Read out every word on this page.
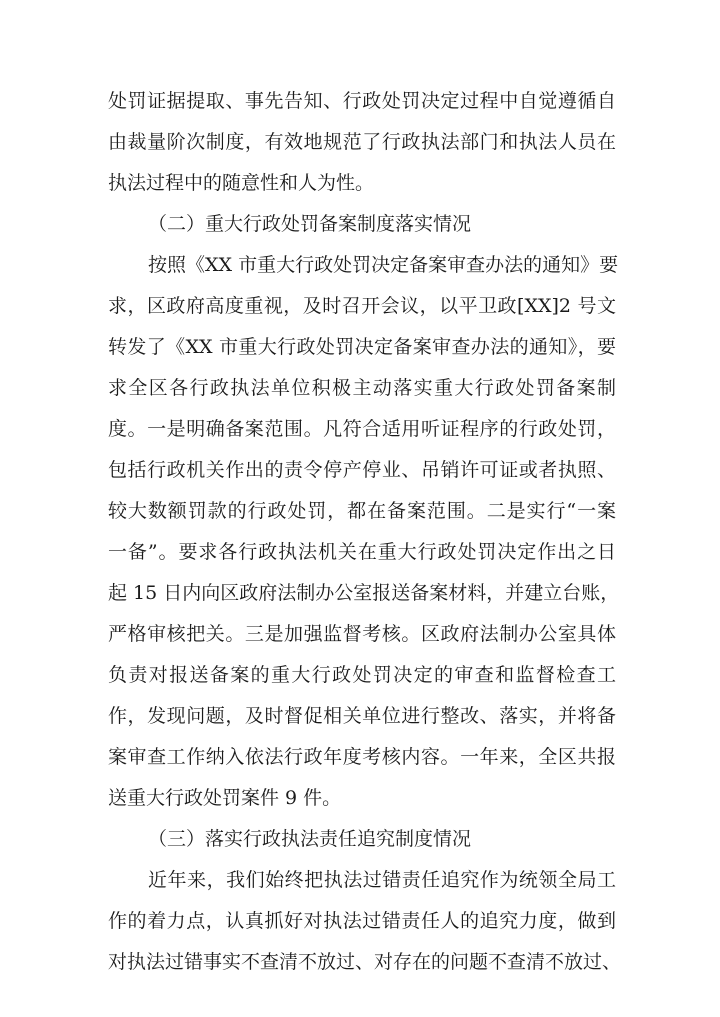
处罚证据提取、事先告知、行政处罚决定过程中自觉遵循自
由裁量阶次制度，有效地规范了行政执法部门和执法人员在
执法过程中的随意性和人为性。
（二）重大行政处罚备案制度落实情况
按照《XX 市重大行政处罚决定备案审查办法的通知》要
求，区政府高度重视，及时召开会议，以平卫政[XX]2 号文
转发了《XX 市重大行政处罚决定备案审查办法的通知》，要
求全区各行政执法单位积极主动落实重大行政处罚备案制
度。一是明确备案范围。凡符合适用听证程序的行政处罚，
包括行政机关作出的责令停产停业、吊销许可证或者执照、
较大数额罚款的行政处罚，都在备案范围。二是实行“一案
一备”。要求各行政执法机关在重大行政处罚决定作出之日
起 15 日内向区政府法制办公室报送备案材料，并建立台账，
严格审核把关。三是加强监督考核。区政府法制办公室具体
负责对报送备案的重大行政处罚决定的审查和监督检查工
作，发现问题，及时督促相关单位进行整改、落实，并将备
案审查工作纳入依法行政年度考核内容。一年来，全区共报
送重大行政处罚案件 9 件。
（三）落实行政执法责任追究制度情况
近年来，我们始终把执法过错责任追究作为统领全局工
作的着力点，认真抓好对执法过错责任人的追究力度，做到
对执法过错事实不查清不放过、对存在的问题不查清不放过、
